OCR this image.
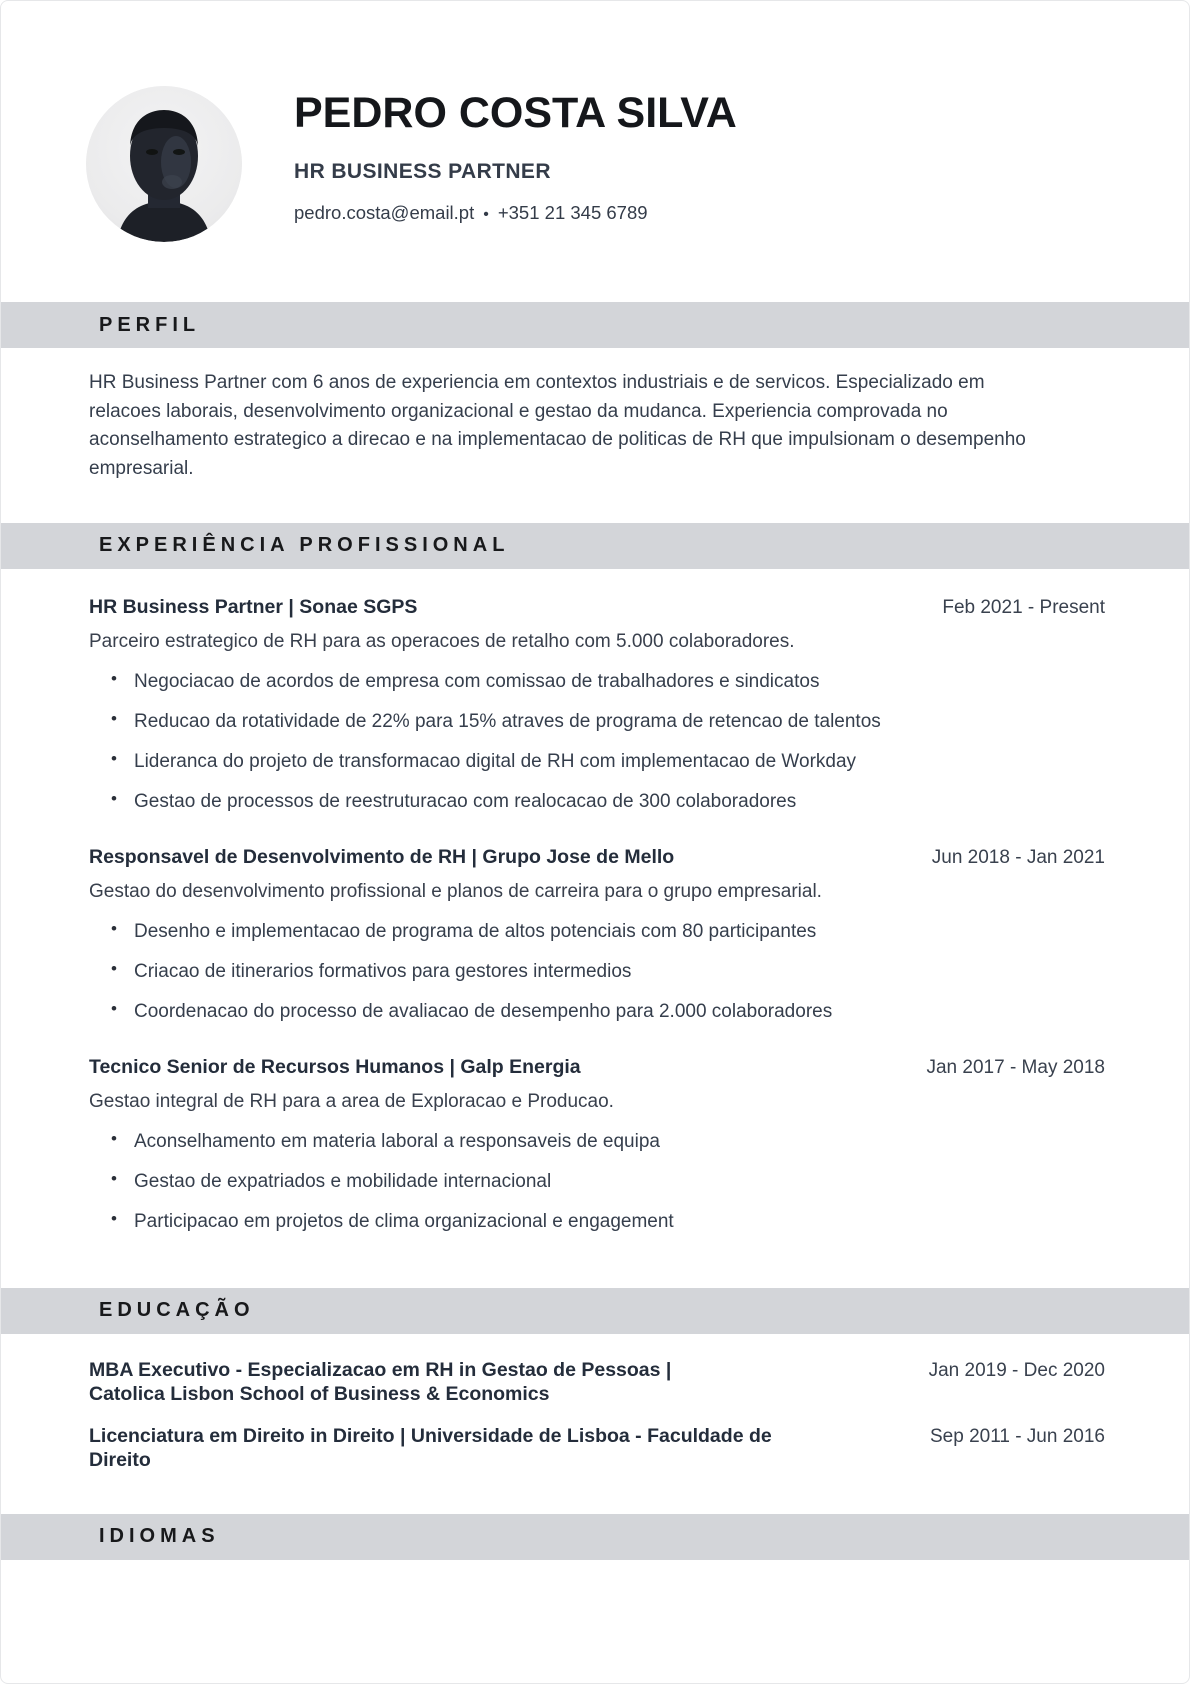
PEDRO COSTA SILVA
HR BUSINESS PARTNER
pedro.costa@email.pt • +351 21 345 6789
PERFIL

HR Business Partner com 6 anos de experiencia em contextos industriais e de servicos. Especializado em relacoes laborais, desenvolvimento organizacional e gestao da mudanca. Experiencia comprovada no aconselhamento estrategico a direcao e na implementacao de politicas de RH que impulsionam o desempenho empresarial.

EXPERIÊNCIA PROFISSIONAL
HR Business Partner | Sonae SGPS	Feb 2021 - Present

Parceiro estrategico de RH para as operacoes de retalho com 5.000 colaboradores.

• Negociacao de acordos de empresa com comissao de trabalhadores e sindicatos
• Reducao da rotatividade de 22% para 15% atraves de programa de retencao de talentos
• Lideranca do projeto de transformacao digital de RH com implementacao de Workday
• Gestao de processos de reestruturacao com realocacao de 300 colaboradores
Responsavel de Desenvolvimento de RH | Grupo Jose de Mello	Jun 2018 - Jan 2021

Gestao do desenvolvimento profissional e planos de carreira para o grupo empresarial.

• Desenho e implementacao de programa de altos potenciais com 80 participantes
• Criacao de itinerarios formativos para gestores intermedios
• Coordenacao do processo de avaliacao de desempenho para 2.000 colaboradores
Tecnico Senior de Recursos Humanos | Galp Energia	Jan 2017 - May 2018

Gestao integral de RH para a area de Exploracao e Producao.

• Aconselhamento em materia laboral a responsaveis de equipa
• Gestao de expatriados e mobilidade internacional
• Participacao em projetos de clima organizacional e engagement
EDUCAÇÃO
MBA Executivo - Especializacao em RH in Gestao de Pessoas | Catolica Lisbon School of Business & Economics
Jan 2019 - Dec 2020
Licenciatura em Direito in Direito | Universidade de Lisboa - Faculdade de Direito
Sep 2011 - Jun 2016
IDIOMAS
